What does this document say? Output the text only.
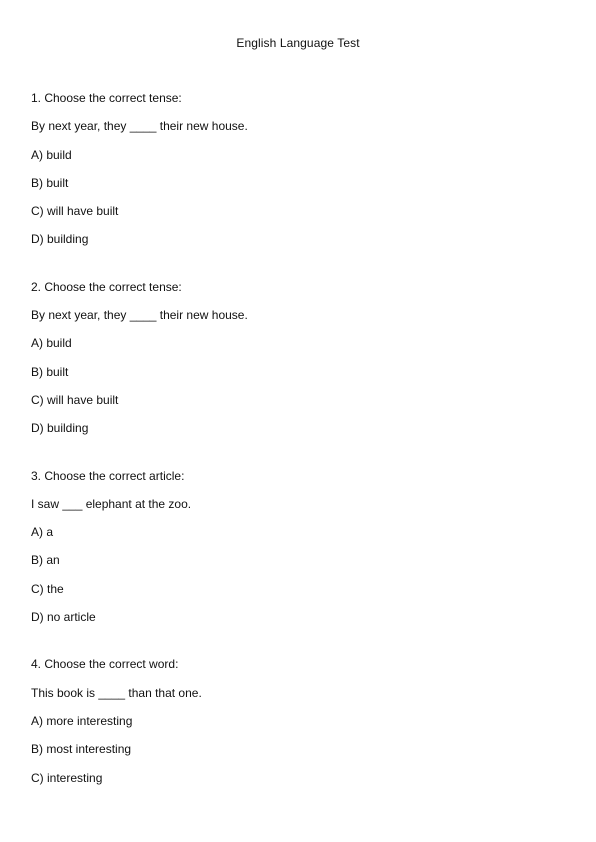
English Language Test
1. Choose the correct tense:
By next year, they ____ their new house.
A) build
B) built
C) will have built
D) building
2. Choose the correct tense:
By next year, they ____ their new house.
A) build
B) built
C) will have built
D) building
3. Choose the correct article:
I saw ___ elephant at the zoo.
A) a
B) an
C) the
D) no article
4. Choose the correct word:
This book is ____ than that one.
A) more interesting
B) most interesting
C) interesting
